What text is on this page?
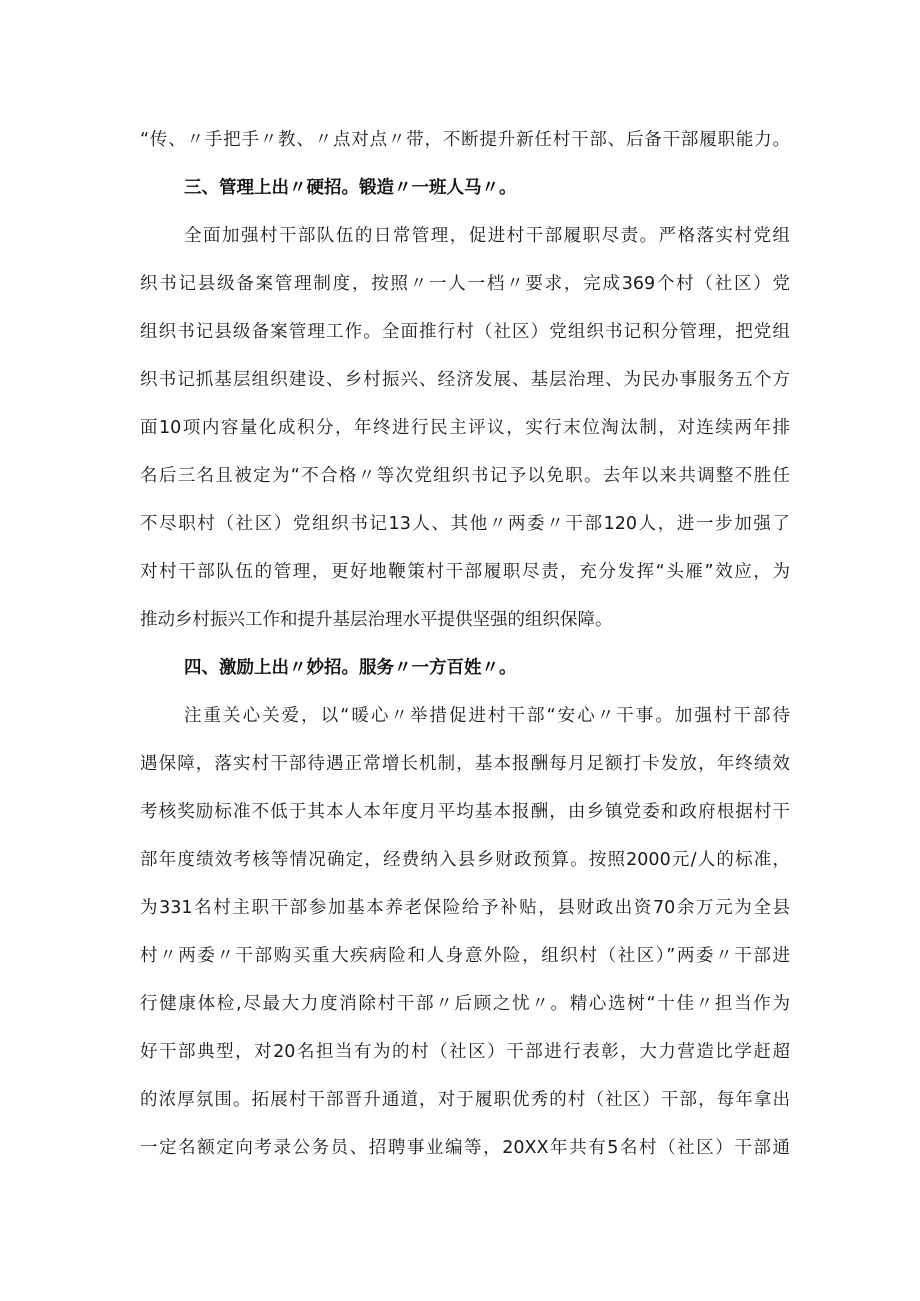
“传、〃手把手〃教、〃点对点〃带，不断提升新任村干部、后备干部履职能力。
三、管理上出〃硬招。锻造〃一班人马〃。
全面加强村干部队伍的日常管理，促进村干部履职尽责。严格落实村党组
织书记县级备案管理制度，按照〃一人一档〃要求，完成369个村（社区）党
组织书记县级备案管理工作。全面推行村（社区）党组织书记积分管理，把党组
织书记抓基层组织建设、乡村振兴、经济发展、基层治理、为民办事服务五个方
面10项内容量化成积分，年终进行民主评议，实行末位淘汰制，对连续两年排
名后三名且被定为“不合格〃等次党组织书记予以免职。去年以来共调整不胜任
不尽职村（社区）党组织书记13人、其他〃两委〃干部120人，进一步加强了
对村干部队伍的管理，更好地鞭策村干部履职尽责，充分发挥“头雁”效应，为
推动乡村振兴工作和提升基层治理水平提供坚强的组织保障。
四、激励上出〃妙招。服务〃一方百姓〃。
注重关心关爱，以“暖心〃举措促进村干部“安心〃干事。加强村干部待
遇保障，落实村干部待遇正常增长机制，基本报酬每月足额打卡发放，年终绩效
考核奖励标准不低于其本人本年度月平均基本报酬，由乡镇党委和政府根据村干
部年度绩效考核等情况确定，经费纳入县乡财政预算。按照2000元/人的标准，
为331名村主职干部参加基本养老保险给予补贴，县财政出资70余万元为全县
村〃两委〃干部购买重大疾病险和人身意外险，组织村（社区）”两委〃干部进
行健康体检,尽最大力度消除村干部〃后顾之忧〃。精心选树“十佳〃担当作为
好干部典型，对20名担当有为的村（社区）干部进行表彰，大力营造比学赶超
的浓厚氛围。拓展村干部晋升通道，对于履职优秀的村（社区）干部，每年拿出
一定名额定向考录公务员、招聘事业编等，20XX年共有5名村（社区）干部通
